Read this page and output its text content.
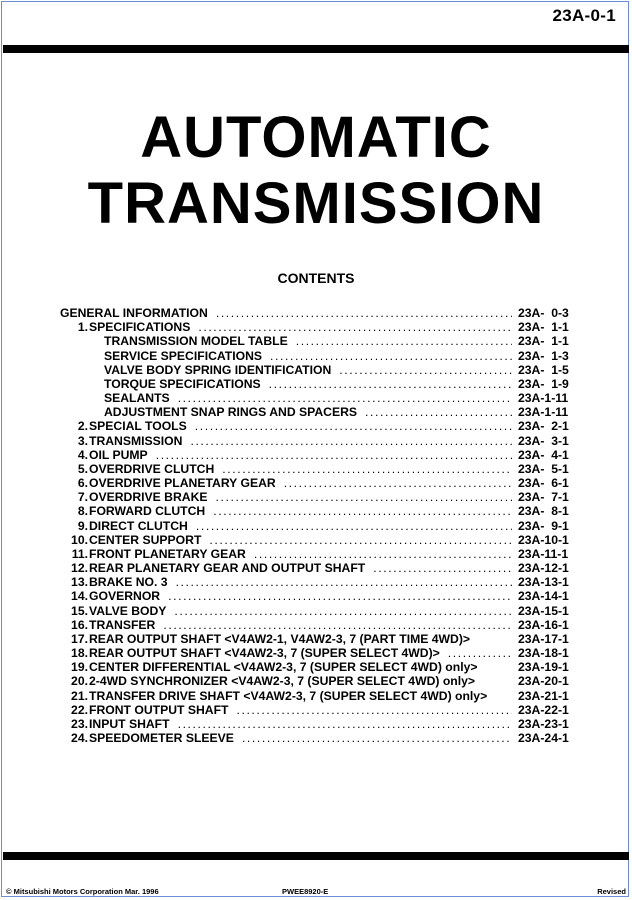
23A-0-1
AUTOMATIC
TRANSMISSION
CONTENTS
GENERAL INFORMATION .....	23A-  0-3
1. SPECIFICATIONS .....	23A-  1-1
TRANSMISSION MODEL TABLE .....	23A-  1-1
SERVICE SPECIFICATIONS .....	23A-  1-3
VALVE BODY SPRING IDENTIFICATION .....	23A-  1-5
TORQUE SPECIFICATIONS .....	23A-  1-9
SEALANTS .....	23A-1-11
ADJUSTMENT SNAP RINGS AND SPACERS .....	23A-1-11
2. SPECIAL TOOLS .....	23A-  2-1
3. TRANSMISSION .....	23A-  3-1
4. OIL PUMP .....	23A-  4-1
5. OVERDRIVE CLUTCH .....	23A-  5-1
6. OVERDRIVE PLANETARY GEAR .....	23A-  6-1
7. OVERDRIVE BRAKE .....	23A-  7-1
8. FORWARD CLUTCH .....	23A-  8-1
9. DIRECT CLUTCH .....	23A-  9-1
10. CENTER SUPPORT .....	23A-10-1
11. FRONT PLANETARY GEAR .....	23A-11-1
12. REAR PLANETARY GEAR AND OUTPUT SHAFT .....	23A-12-1
13. BRAKE NO. 3 .....	23A-13-1
14. GOVERNOR .....	23A-14-1
15. VALVE BODY .....	23A-15-1
16. TRANSFER .....	23A-16-1
17. REAR OUTPUT SHAFT <V4AW2-1, V4AW2-3, 7 (PART TIME 4WD)>	23A-17-1
18. REAR OUTPUT SHAFT <V4AW2-3, 7 (SUPER SELECT 4WD)> .....	23A-18-1
19. CENTER DIFFERENTIAL <V4AW2-3, 7 (SUPER SELECT 4WD) only>	23A-19-1
20. 2-4WD SYNCHRONIZER <V4AW2-3, 7 (SUPER SELECT 4WD) only>	23A-20-1
21. TRANSFER DRIVE SHAFT <V4AW2-3, 7 (SUPER SELECT 4WD) only>	23A-21-1
22. FRONT OUTPUT SHAFT .....	23A-22-1
23. INPUT SHAFT .....	23A-23-1
24. SPEEDOMETER SLEEVE .....	23A-24-1
© Mitsubishi Motors Corporation Mar. 1996	PWEE8920-E	Revised
